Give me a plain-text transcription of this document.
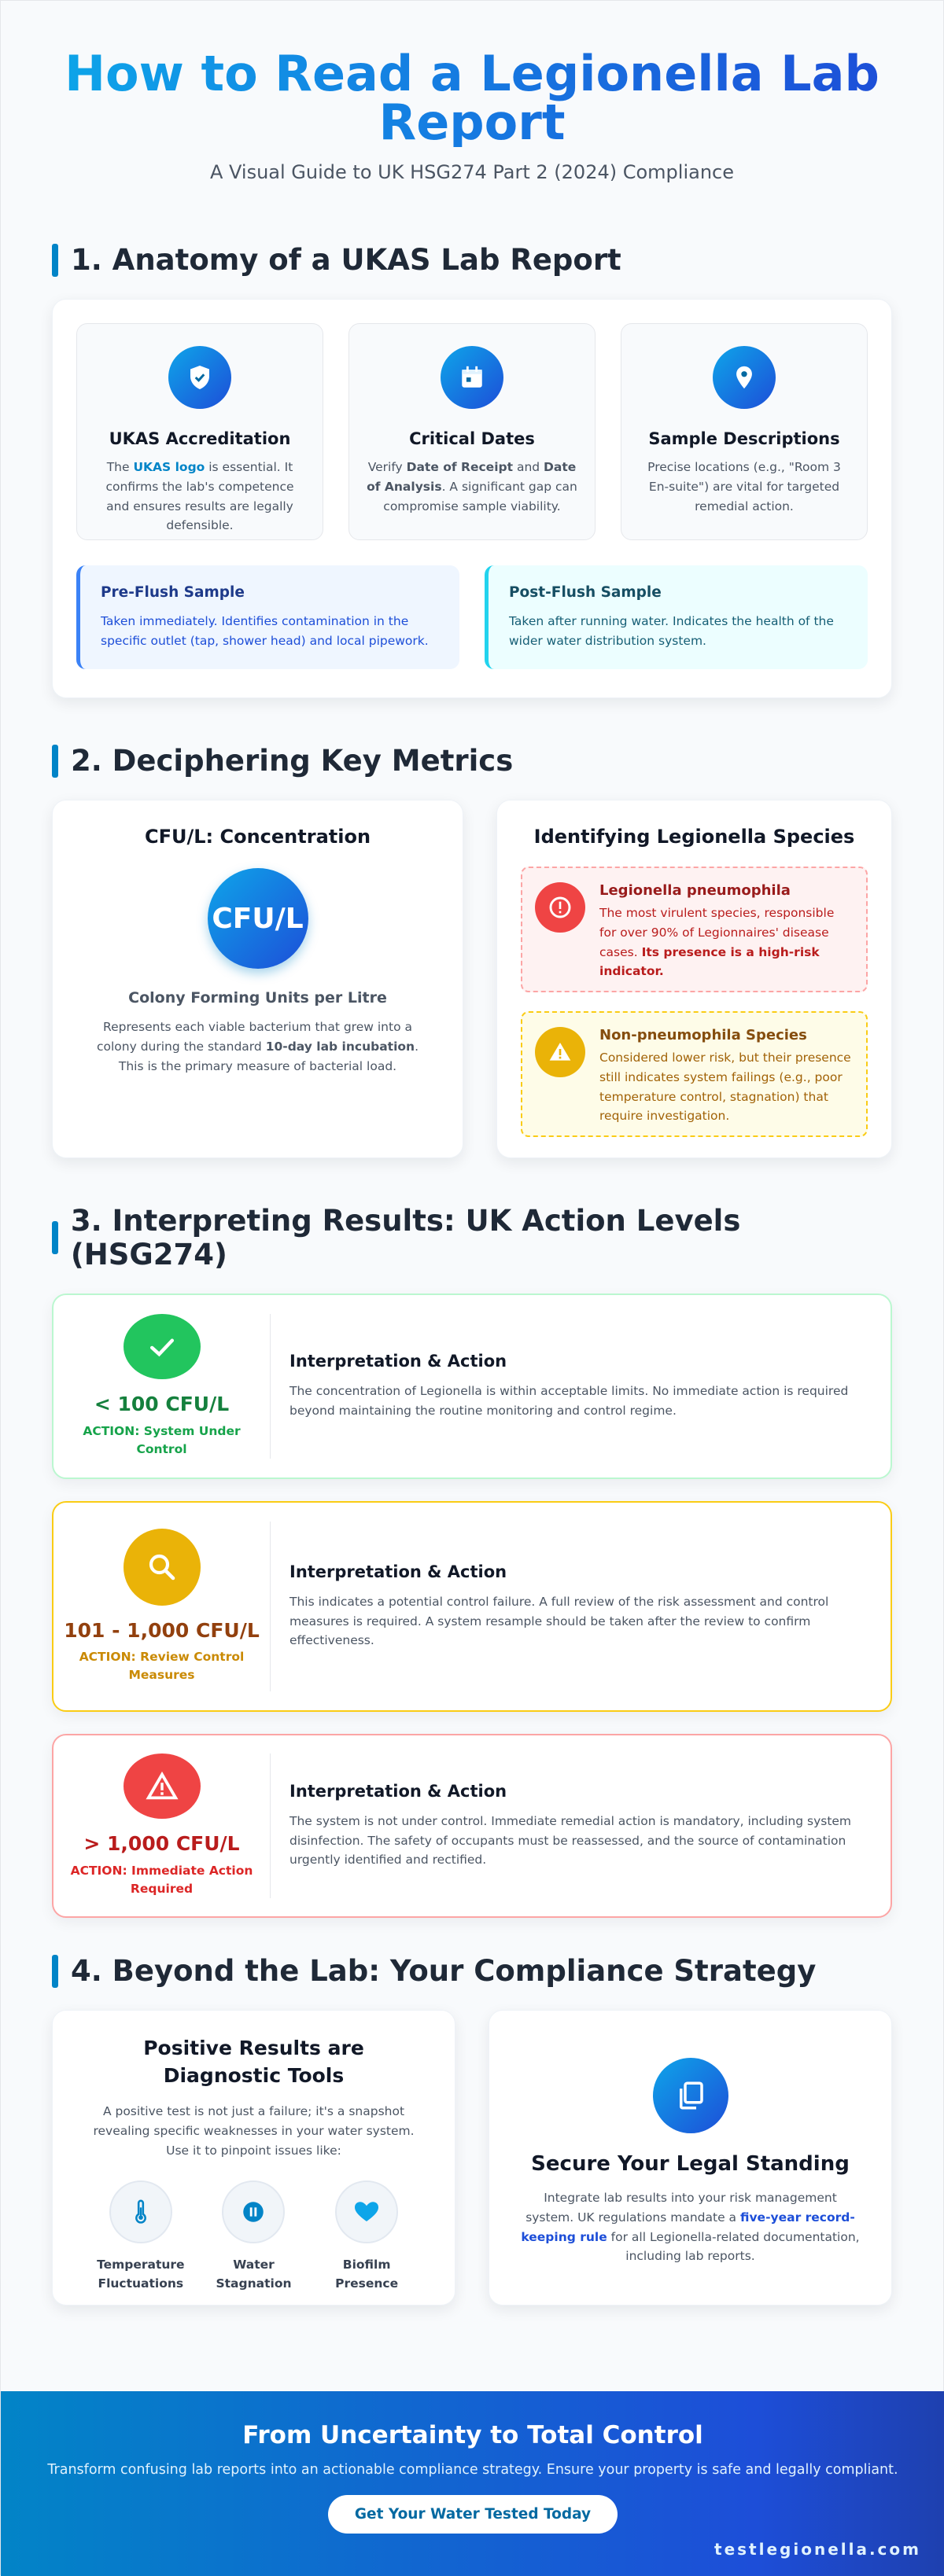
How to Read a Legionella Lab Report
A Visual Guide to UK HSG274 Part 2 (2024) Compliance
1. Anatomy of a UKAS Lab Report
UKAS Accreditation

The UKAS logo is essential. It confirms the lab's competence and ensures results are legally defensible.

Critical Dates

Verify Date of Receipt and Date of Analysis. A significant gap can compromise sample viability.

Sample Descriptions

Precise locations (e.g., "Room 3 En-suite") are vital for targeted remedial action.

Pre-Flush Sample

Taken immediately. Identifies contamination in the specific outlet (tap, shower head) and local pipework.

Post-Flush Sample

Taken after running water. Indicates the health of the wider water distribution system.

2. Deciphering Key Metrics
CFU/L: Concentration
CFU/L
Colony Forming Units per Litre

Represents each viable bacterium that grew into a colony during the standard 10-day lab incubation. This is the primary measure of bacterial load.

Identifying Legionella Species
Legionella pneumophila

The most virulent species, responsible for over 90% of Legionnaires' disease cases. Its presence is a high-risk indicator.

Non-pneumophila Species

Considered lower risk, but their presence still indicates system failings (e.g., poor temperature control, stagnation) that require investigation.

3. Interpreting Results: UK Action Levels (HSG274)
< 100 CFU/L
ACTION: System Under Control
Interpretation & Action

The concentration of Legionella is within acceptable limits. No immediate action is required beyond maintaining the routine monitoring and control regime.

101 - 1,000 CFU/L
ACTION: Review Control Measures
Interpretation & Action

This indicates a potential control failure. A full review of the risk assessment and control measures is required. A system resample should be taken after the review to confirm effectiveness.

> 1,000 CFU/L
ACTION: Immediate Action Required
Interpretation & Action

The system is not under control. Immediate remedial action is mandatory, including system disinfection. The safety of occupants must be reassessed, and the source of contamination urgently identified and rectified.

4. Beyond the Lab: Your Compliance Strategy
Positive Results are Diagnostic Tools

A positive test is not just a failure; it's a snapshot revealing specific weaknesses in your water system. Use it to pinpoint issues like:

Temperature Fluctuations
Water Stagnation
Biofilm Presence
Secure Your Legal Standing

Integrate lab results into your risk management system. UK regulations mandate a five-year record-keeping rule for all Legionella-related documentation, including lab reports.

From Uncertainty to Total Control

Transform confusing lab reports into an actionable compliance strategy. Ensure your property is safe and legally compliant.

Get Your Water Tested Today
testlegionella.com
